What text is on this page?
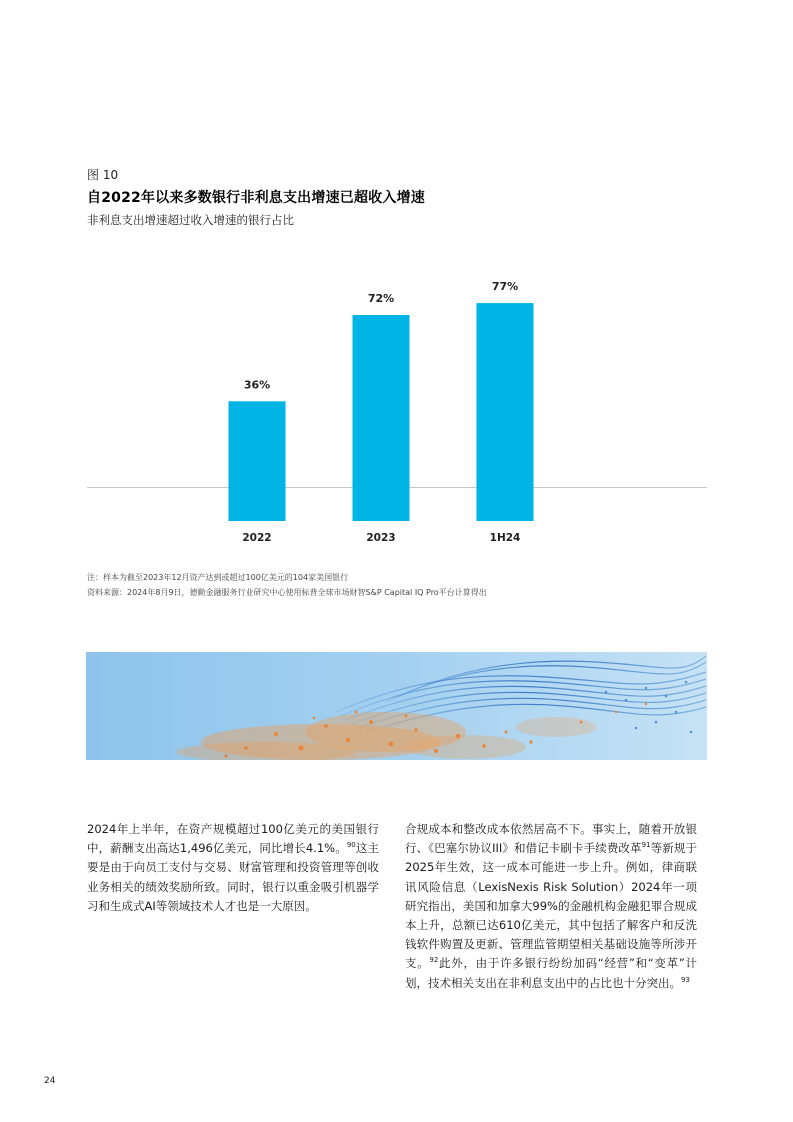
图 10
自2022年以来多数银行非利息支出增速已超收入增速
非利息支出增速超过收入增速的银行占比
36%
2022
72%
2023
77%
1H24
注：样本为截至2023年12月资产达到或超过100亿美元的104家美国银行
资料来源：2024年8月9日，德勤金融服务行业研究中心使用标普全球市场财智S&P Capital IQ Pro平台计算得出
2024年上半年，在资产规模超过100亿美元的美国银行中，薪酬支出高达1,496亿美元，同比增长4.1%。$^{90}$这主要是由于向员工支付与交易、财富管理和投资管理等创收业务相关的绩效奖励所致。同时，银行以重金吸引机器学习和生成式AI等领域技术人才也是一大原因。
合规成本和整改成本依然居高不下。事实上，随着开放银行、《巴塞尔协议III》和借记卡刷卡手续费改革$^{91}$等新规于2025年生效，这一成本可能进一步上升。例如，律商联讯风险信息（LexisNexis Risk Solution）2024年一项研究指出，美国和加拿大99%的金融机构金融犯罪合规成本上升，总额已达610亿美元，其中包括了解客户和反洗钱软件购置及更新、管理监管期望相关基础设施等所涉开支。$^{92}$此外，由于许多银行纷纷加码“经营”和“变革”计划，技术相关支出在非利息支出中的占比也十分突出。$^{93}$
24
